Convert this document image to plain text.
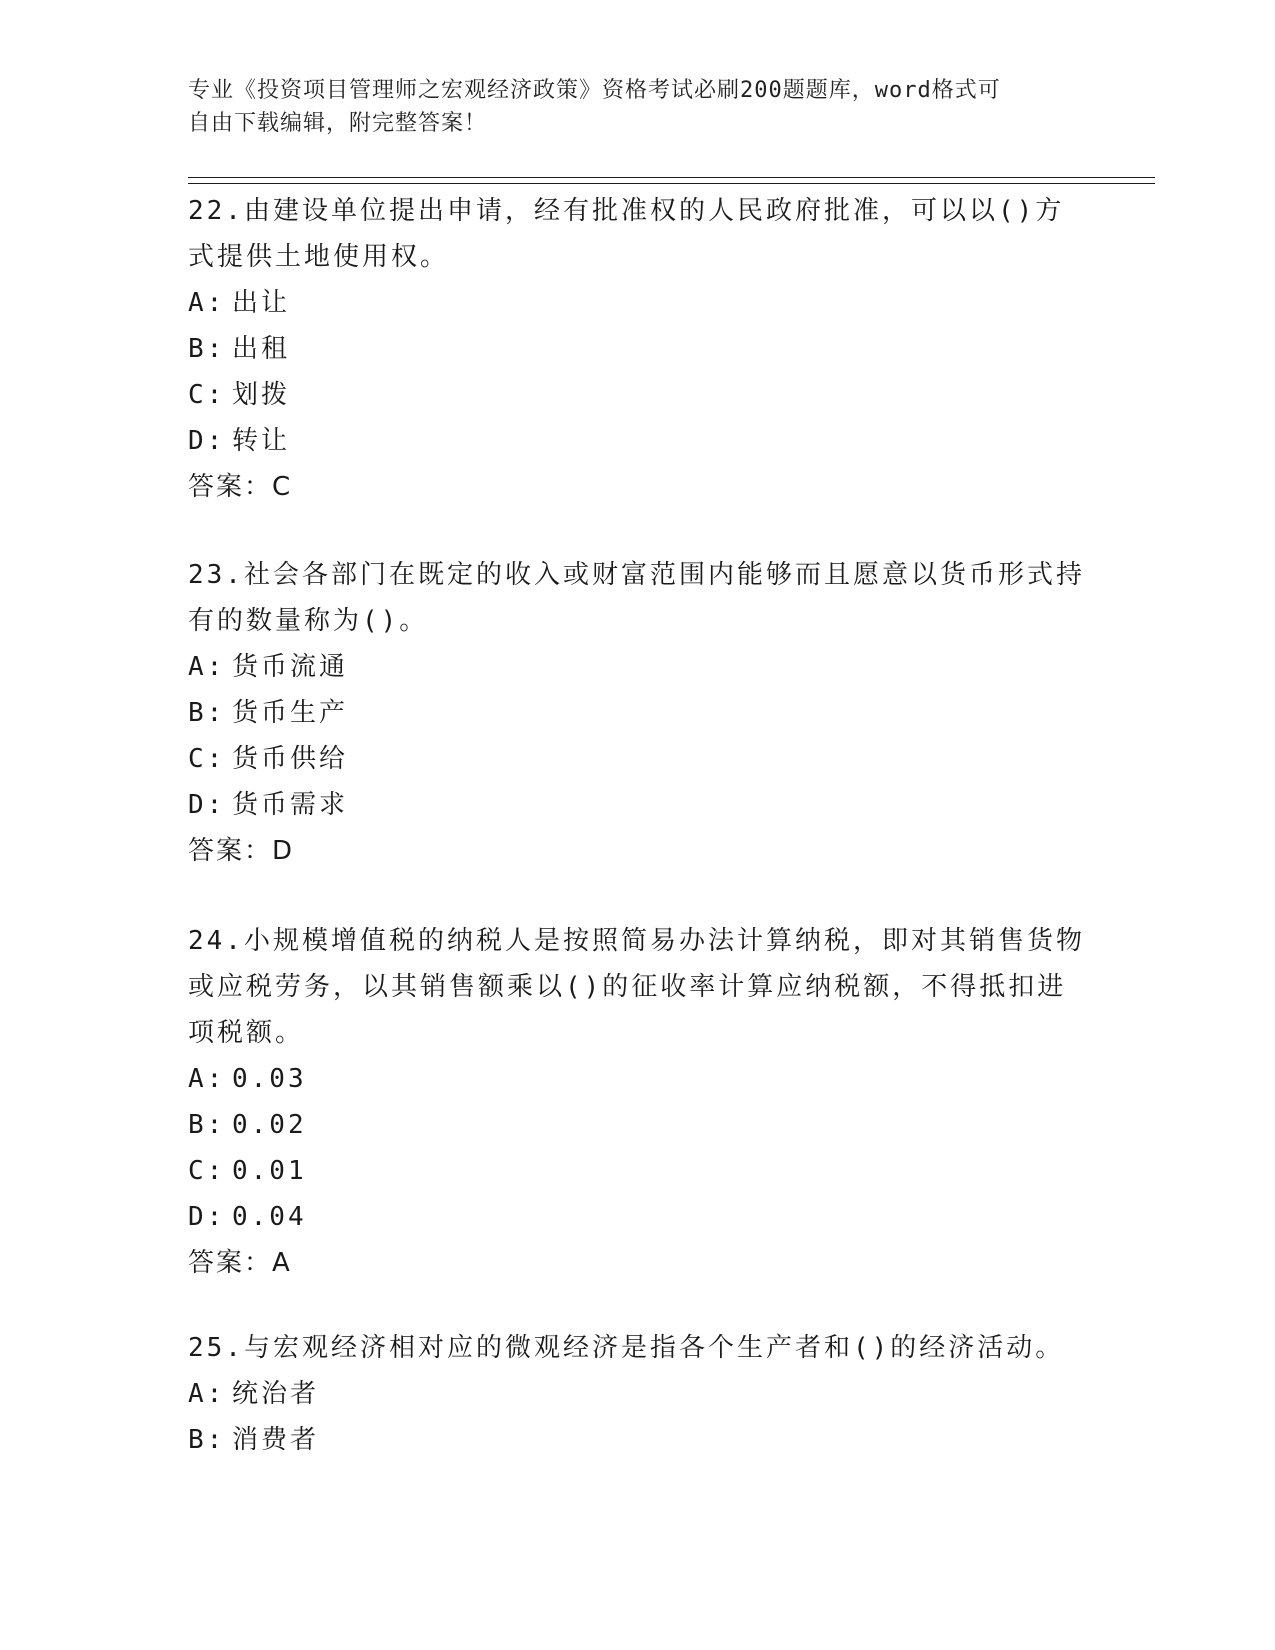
专业《投资项目管理师之宏观经济政策》资格考试必刷200题题库，word格式可
自由下载编辑，附完整答案！

22.由建设单位提出申请，经有批准权的人民政府批准，可以以()方式提供土地使用权。

A: 出让

B: 出租

C: 划拨

D: 转让

答案：C

23.社会各部门在既定的收入或财富范围内能够而且愿意以货币形式持有的数量称为()。

A: 货币流通

B: 货币生产

C: 货币供给

D: 货币需求

答案：D

24.小规模增值税的纳税人是按照简易办法计算纳税，即对其销售货物或应税劳务，以其销售额乘以()的征收率计算应纳税额，不得抵扣进项税额。

A: 0.03

B: 0.02

C: 0.01

D: 0.04

答案：A

25.与宏观经济相对应的微观经济是指各个生产者和()的经济活动。

A: 统治者

B: 消费者
